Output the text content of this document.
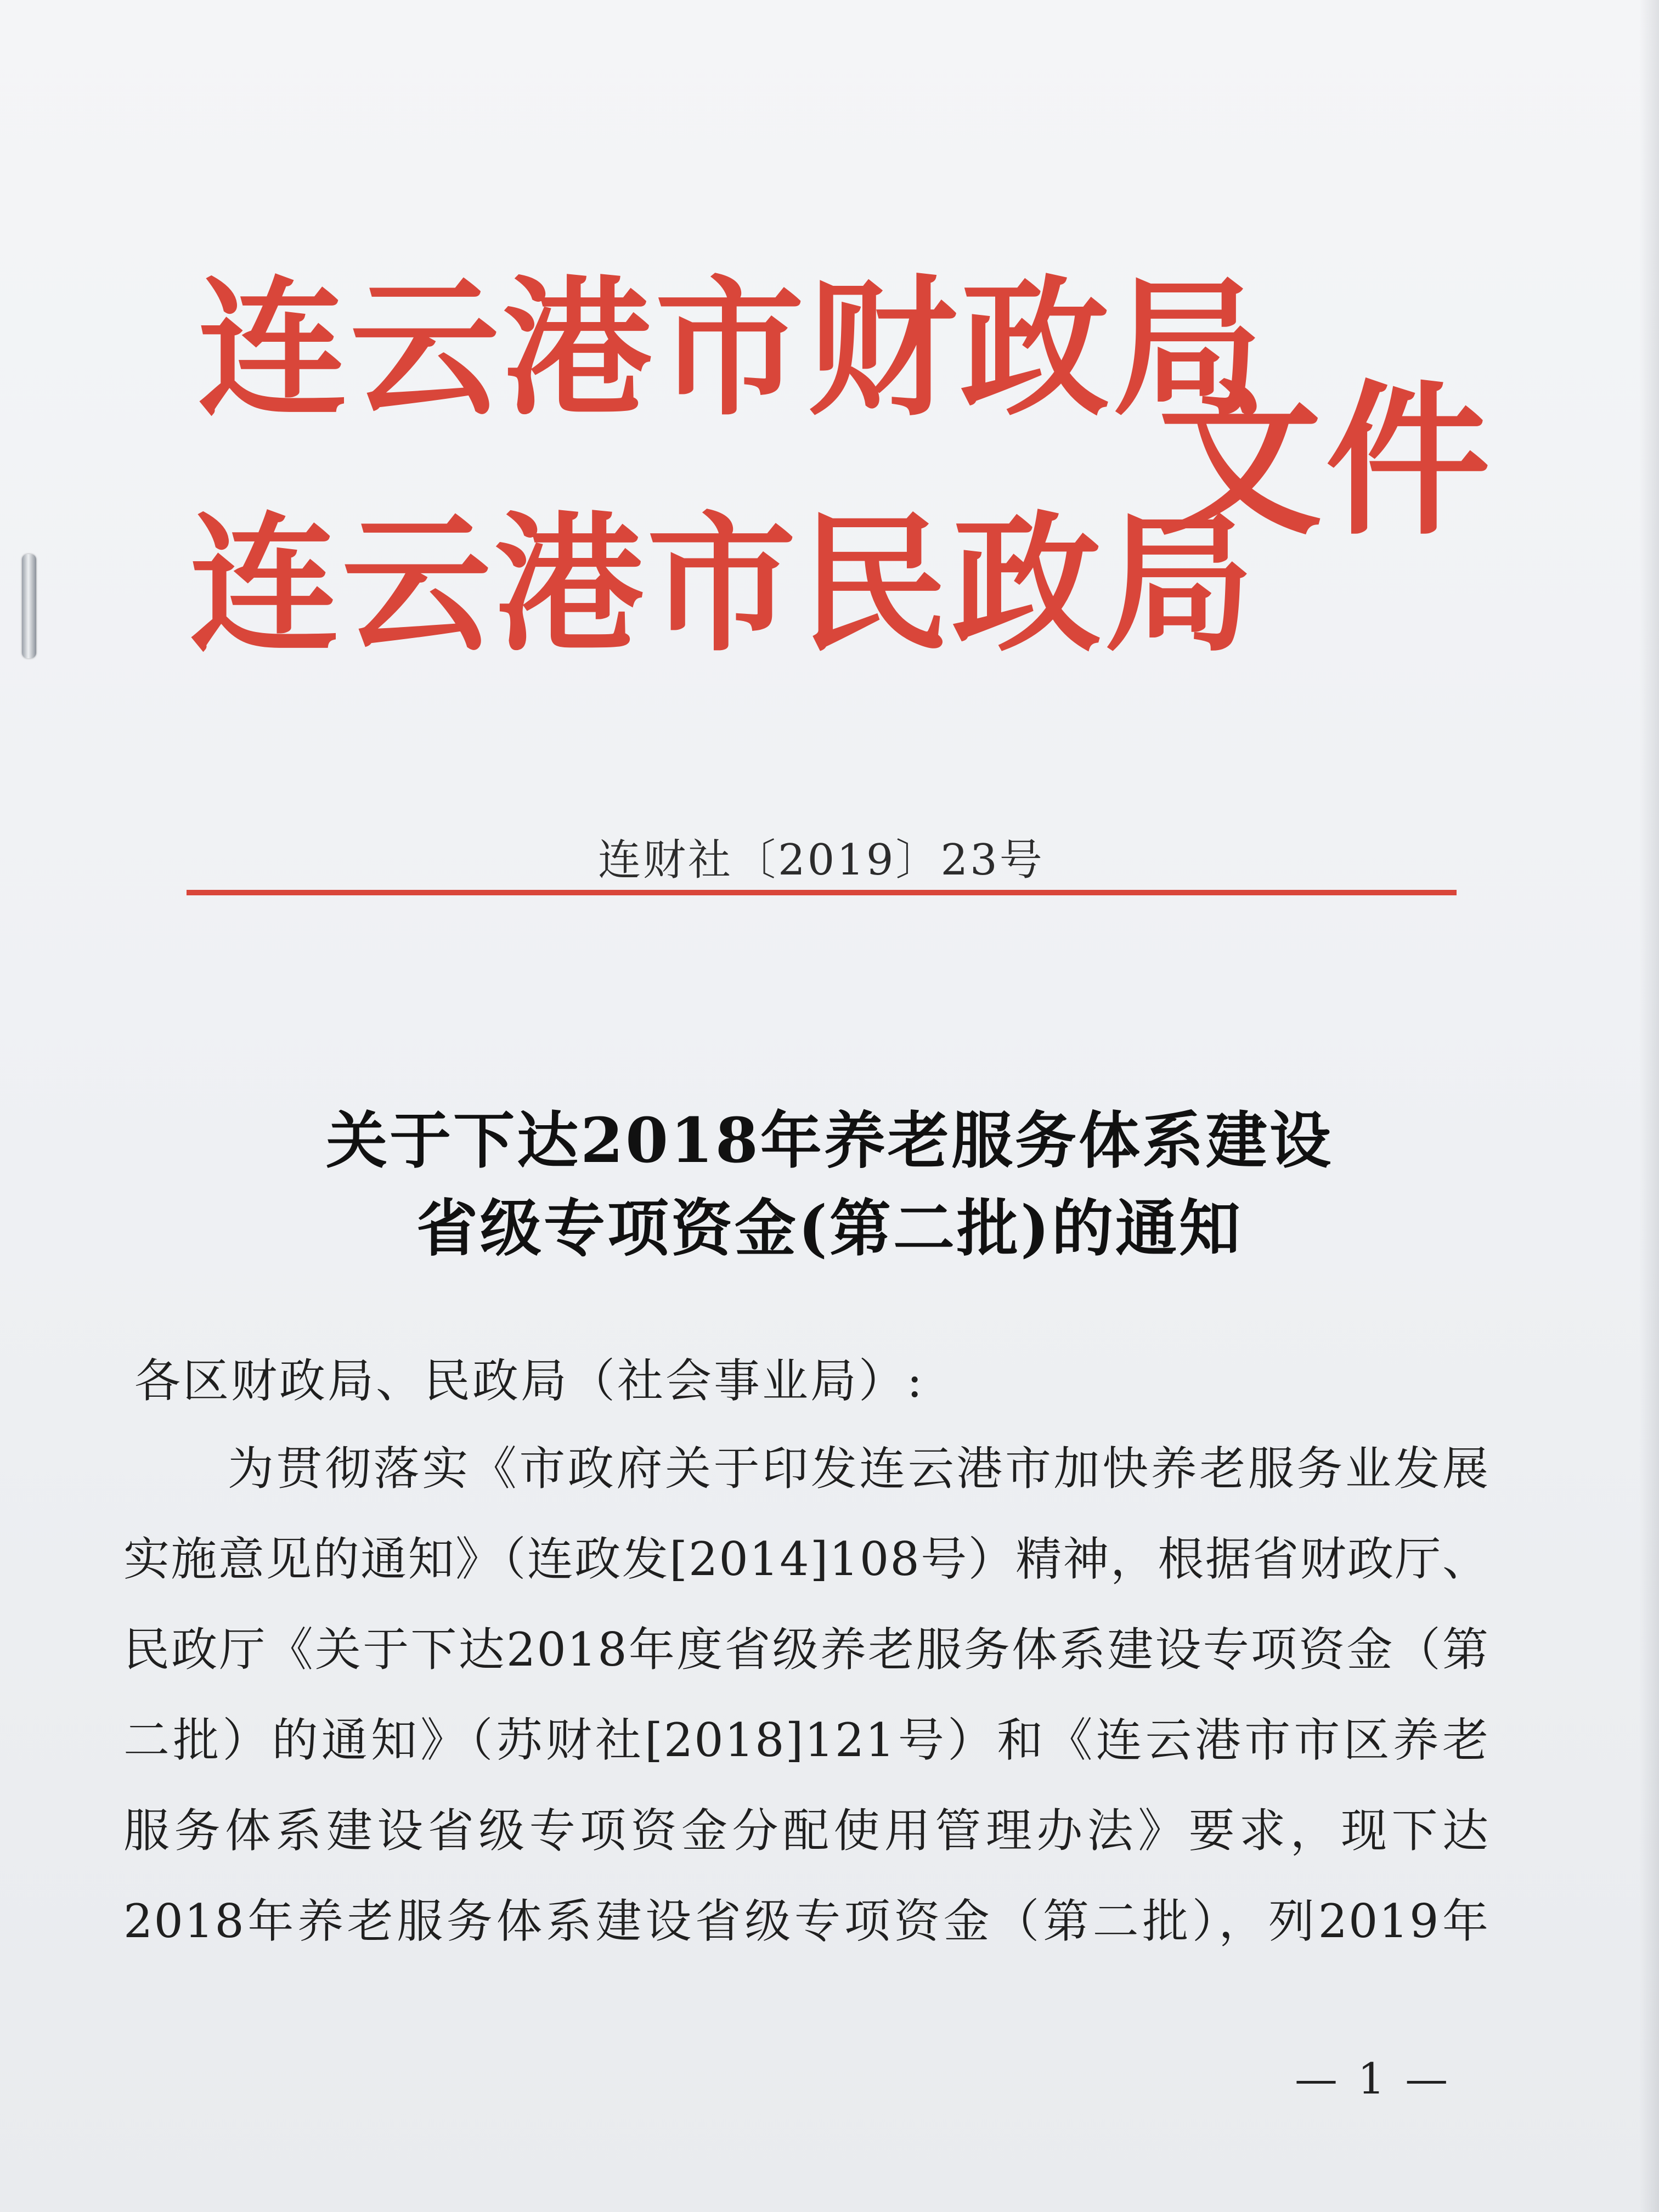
连云港市财政局
连云港市民政局
文件
连财社〔2019〕23号
关于下达2018年养老服务体系建设
省级专项资金(第二批)的通知
各区财政局、民政局（社会事业局）:
为贯彻落实《市政府关于印发连云港市加快养老服务业发展
实施意见的通知》（连政发[2014]108号）精神，根据省财政厅、
民政厅《关于下达2018年度省级养老服务体系建设专项资金（第
二批）的通知》（苏财社[2018]121号）和《连云港市市区养老
服务体系建设省级专项资金分配使用管理办法》要求，现下达
2018年养老服务体系建设省级专项资金（第二批），列2019年
— 1 —
